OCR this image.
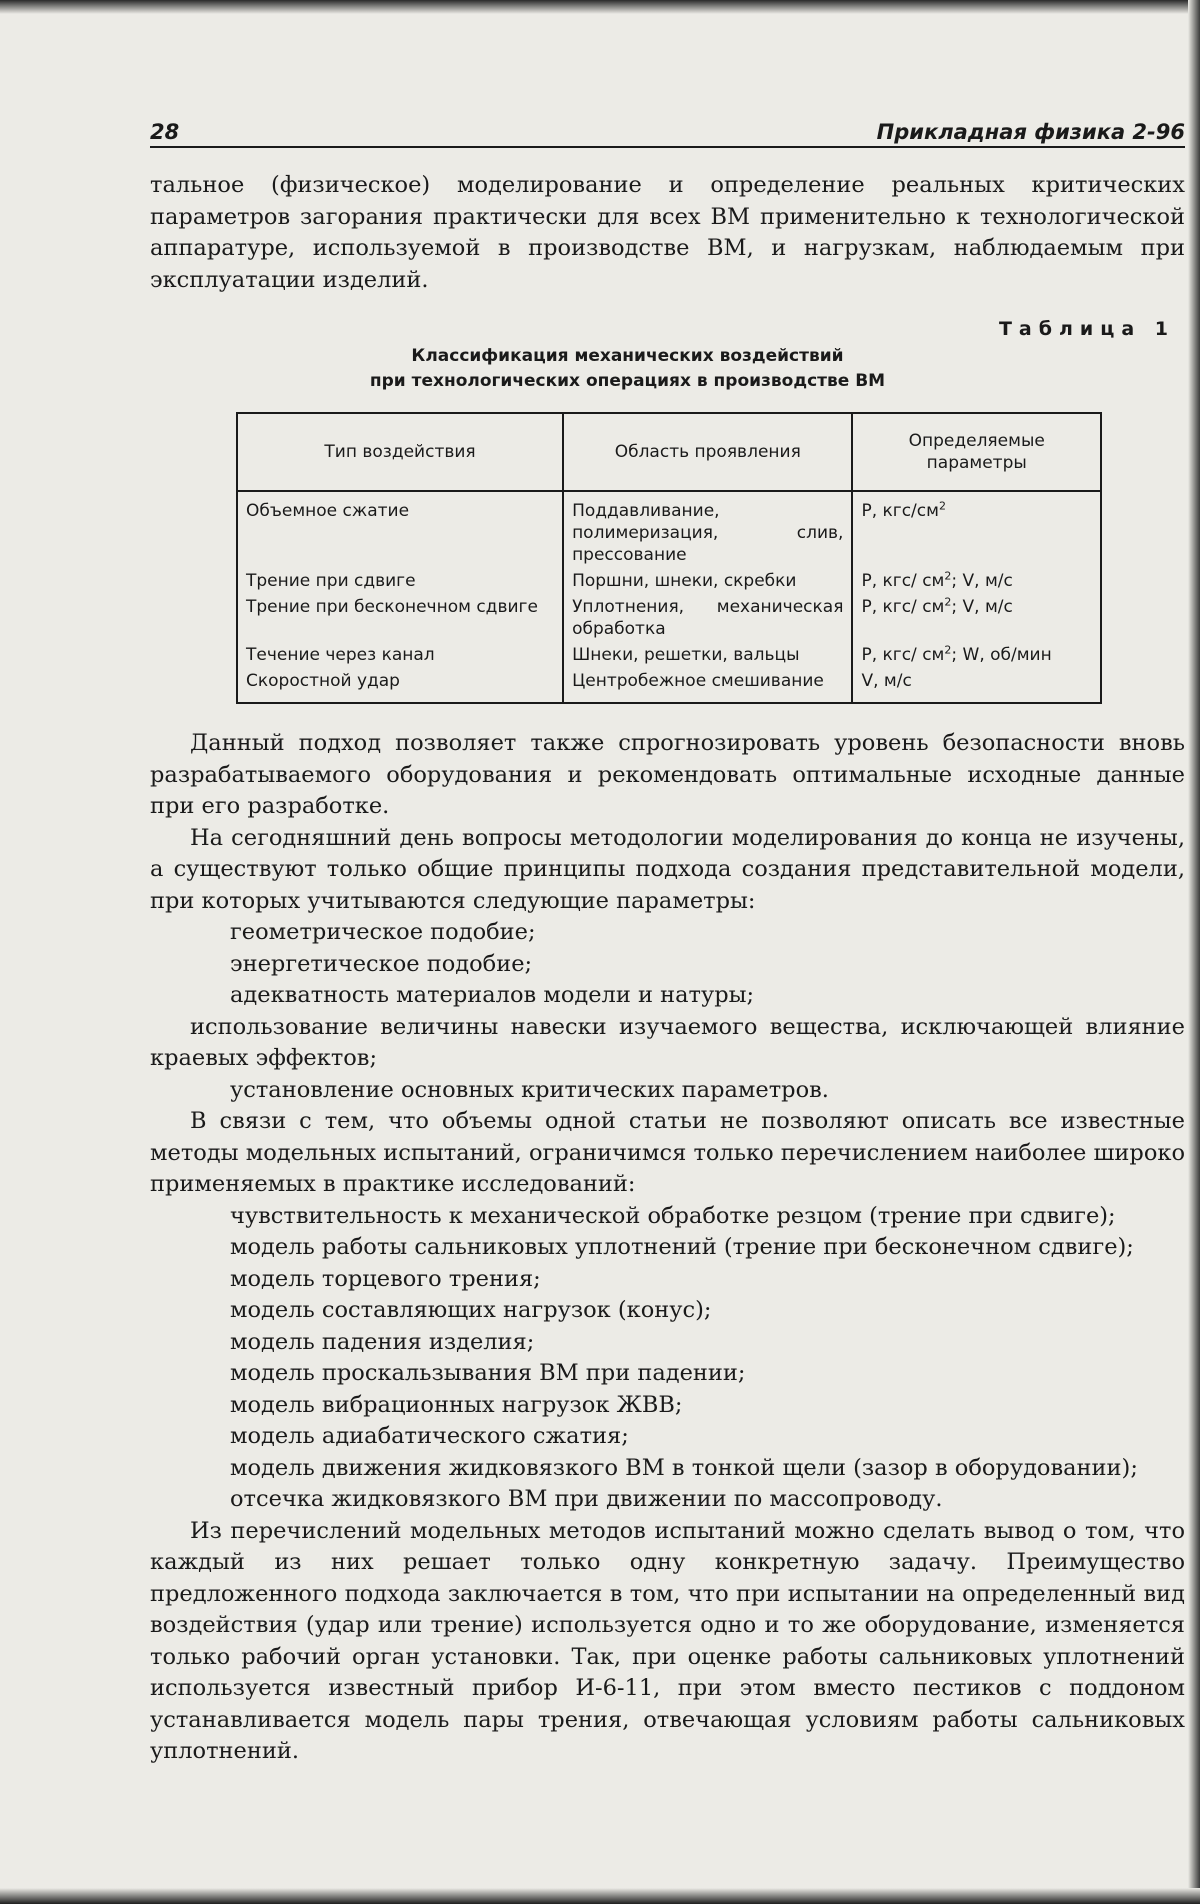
28	Прикладная физика 2-96

тальное (физическое) моделирование и определение реальных критических параметров загорания практически для всех ВМ применительно к технологической аппаратуре, используемой в производстве ВМ, и нагрузкам, наблюдаемым при эксплуатации изделий.

Таблица 1
Классификация механических воздействий
при технологических операциях в производстве ВМ
Тип воздействия	Область проявления	Определяемые параметры
Объемное сжатие	Поддавливание, полимеризация, слив, прессование	P, кгс/$см^2$
Трение при сдвиге	Поршни, шнеки, скребки	P, кгс/ $см^2$; V, м/с
Трение при бесконечном сдвиге	Уплотнения, механическая обработка	P, кгс/ $см^2$; V, м/с
Течение через канал	Шнеки, решетки, вальцы	P, кгс/ $см^2$; W, об/мин
Скоростной удар	Центробежное смешивание	V, м/с

Данный подход позволяет также спрогнозировать уровень безопасности вновь разрабатываемого оборудования и рекомендовать оптимальные исходные данные при его разработке.

На сегодняшний день вопросы методологии моделирования до конца не изучены, а существуют только общие принципы подхода создания представительной модели, при которых учитываются следующие параметры:

геометрическое подобие;

энергетическое подобие;

адекватность материалов модели и натуры;

использование величины навески изучаемого вещества, исключающей влияние краевых эффектов;

установление основных критических параметров.

В связи с тем, что объемы одной статьи не позволяют описать все известные методы модельных испытаний, ограничимся только перечислением наиболее широко применяемых в практике исследований:

чувствительность к механической обработке резцом (трение при сдвиге);

модель работы сальниковых уплотнений (трение при бесконечном сдвиге);

модель торцевого трения;

модель составляющих нагрузок (конус);

модель падения изделия;

модель проскальзывания ВМ при падении;

модель вибрационных нагрузок ЖВВ;

модель адиабатического сжатия;

модель движения жидковязкого ВМ в тонкой щели (зазор в оборудовании);

отсечка жидковязкого ВМ при движении по массопроводу.

Из перечислений модельных методов испытаний можно сделать вывод о том, что каждый из них решает только одну конкретную задачу. Преимущество предложенного подхода заключается в том, что при испытании на определенный вид воздействия (удар или трение) используется одно и то же оборудование, изменяется только рабочий орган установки. Так, при оценке работы сальниковых уплотнений используется известный прибор И-6-11, при этом вместо пестиков с поддоном устанавливается модель пары трения, отвечающая условиям работы сальниковых уплотнений.
